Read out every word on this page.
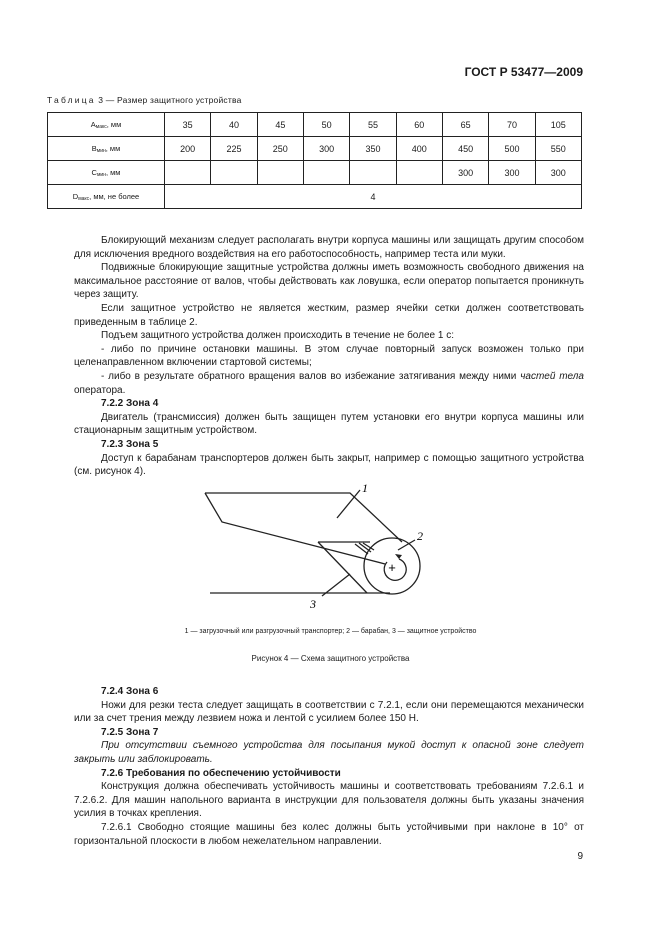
ГОСТ Р 53477—2009
Таблица 3 — Размер защитного устройства
$A_{макс}$, мм	35	40	45	50	55	60	65	70	105
$B_{мин}$, мм	200	225	250	300	350	400	450	500	550
$C_{мин}$, мм							300	300	300
$D_{макс}$, мм, не более	4								

Блокирующий механизм следует располагать внутри корпуса машины или защищать другим способом для исключения вредного воздействия на его работоспособность, например теста или муки.

Подвижные блокирующие защитные устройства должны иметь возможность свободного движения на максимальное расстояние от валов, чтобы действовать как ловушка, если оператор попытается проникнуть через защиту.

Если защитное устройство не является жестким, размер ячейки сетки должен соответствовать приведенным в таблице 2.

Подъем защитного устройства должен происходить в течение не более 1 с:

- либо по причине остановки машины. В этом случае повторный запуск возможен только при целенаправленном включении стартовой системы;

- либо в результате обратного вращения валов во избежание затягивания между ними частей тела оператора.

7.2.2 Зона 4

Двигатель (трансмиссия) должен быть защищен путем установки его внутри корпуса машины или стационарным защитным устройством.

7.2.3 Зона 5

Доступ к барабанам транспортеров должен быть закрыт, например с помощью защитного устройства (см. рисунок 4).

1
2
3
+
1 — загрузочный или разгрузочный транспортер; 2 — барабан, 3 — защитное устройство
Рисунок 4 — Схема защитного устройства

7.2.4 Зона 6

Ножи для резки теста следует защищать в соответствии с 7.2.1, если они перемещаются механически или за счет трения между лезвием ножа и лентой с усилием более 150 Н.

7.2.5 Зона 7

При отсутствии съемного устройства для посыпания мукой доступ к опасной зоне следует закрыть или заблокировать.

7.2.6 Требования по обеспечению устойчивости

Конструкция должна обеспечивать устойчивость машины и соответствовать требованиям 7.2.6.1 и 7.2.6.2. Для машин напольного варианта в инструкции для пользователя должны быть указаны значения усилия в точках крепления.

7.2.6.1 Свободно стоящие машины без колес должны быть устойчивыми при наклоне в 10° от горизонтальной плоскости в любом нежелательном направлении.

9
